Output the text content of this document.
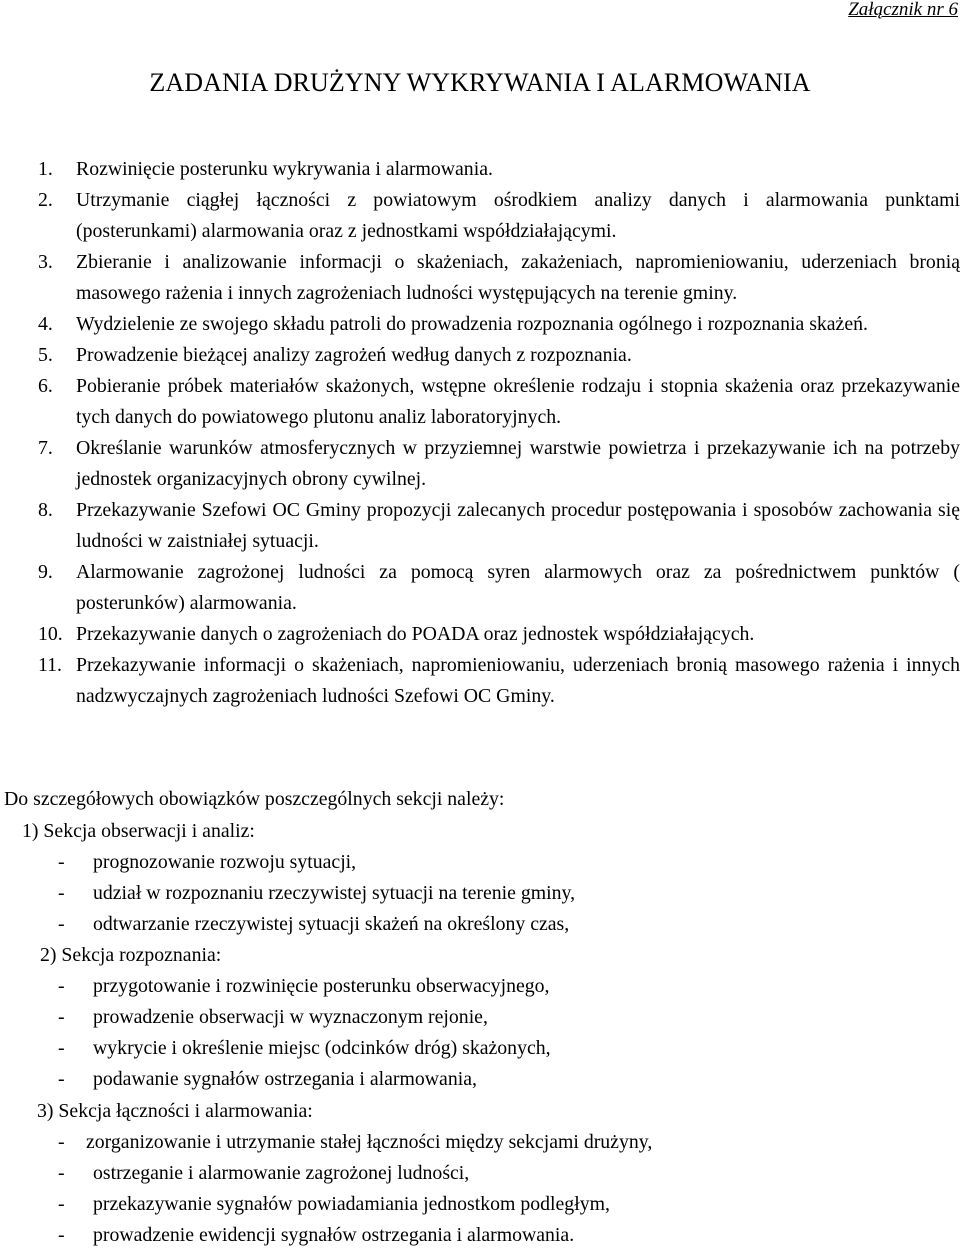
Załącznik nr 6
ZADANIA DRUŻYNY WYKRYWANIA I ALARMOWANIA
1. Rozwinięcie posterunku wykrywania i alarmowania.
2. Utrzymanie ciągłej łączności z powiatowym ośrodkiem analizy danych i alarmowania punktami (posterunkami) alarmowania oraz z jednostkami współdziałającymi.
3. Zbieranie i analizowanie informacji o skażeniach, zakażeniach, napromieniowaniu, uderzeniach bronią masowego rażenia i innych zagrożeniach ludności występujących na terenie gminy.
4. Wydzielenie ze swojego składu patroli do prowadzenia rozpoznania ogólnego i rozpoznania skażeń.
5. Prowadzenie bieżącej analizy zagrożeń według danych z rozpoznania.
6. Pobieranie próbek materiałów skażonych, wstępne określenie rodzaju i stopnia skażenia oraz przekazywanie tych danych do powiatowego plutonu analiz laboratoryjnych.
7. Określanie warunków atmosferycznych w przyziemnej warstwie powietrza i przekazywanie ich na potrzeby jednostek organizacyjnych obrony cywilnej.
8. Przekazywanie Szefowi OC Gminy propozycji zalecanych procedur postępowania i sposobów zachowania się ludności w zaistniałej sytuacji.
9. Alarmowanie zagrożonej ludności za pomocą syren alarmowych oraz za pośrednictwem punktów ( posterunków) alarmowania.
10. Przekazywanie danych o zagrożeniach do POADA oraz jednostek współdziałających.
11. Przekazywanie informacji o skażeniach, napromieniowaniu, uderzeniach bronią masowego rażenia i innych nadzwyczajnych zagrożeniach ludności Szefowi OC Gminy.
Do szczegółowych obowiązków poszczególnych sekcji należy:
1) Sekcja obserwacji i analiz:
- prognozowanie rozwoju sytuacji,
- udział w rozpoznaniu rzeczywistej sytuacji na terenie gminy,
- odtwarzanie rzeczywistej sytuacji skażeń na określony czas,
2) Sekcja rozpoznania:
- przygotowanie i rozwinięcie posterunku obserwacyjnego,
- prowadzenie obserwacji w wyznaczonym rejonie,
- wykrycie i określenie miejsc (odcinków dróg) skażonych,
- podawanie sygnałów ostrzegania i alarmowania,
3) Sekcja łączności i alarmowania:
- zorganizowanie i utrzymanie stałej łączności między sekcjami drużyny,
- ostrzeganie i alarmowanie zagrożonej ludności,
- przekazywanie sygnałów powiadamiania jednostkom podległym,
- prowadzenie ewidencji sygnałów ostrzegania i alarmowania.
